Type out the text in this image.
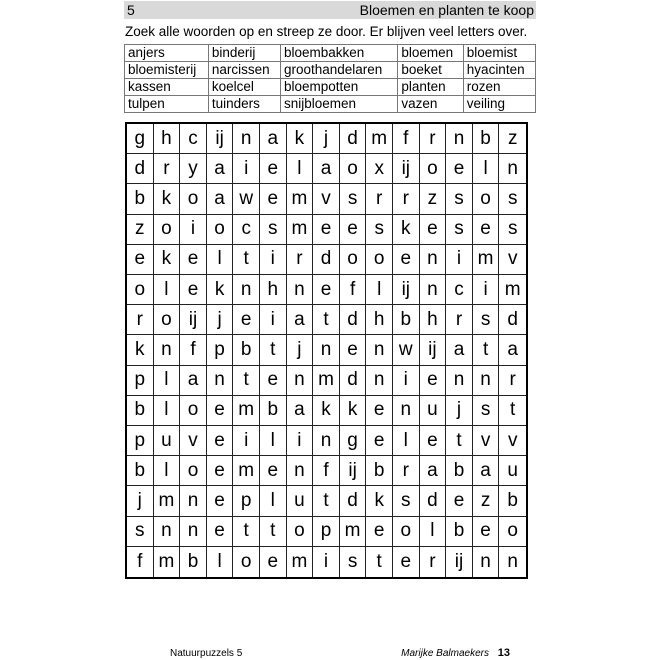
5	Bloemen en planten te koop
Zoek alle woorden op en streep ze door. Er blijven veel letters over.
anjers	binderij	bloembakken	bloemen	bloemist
bloemisterij	narcissen	groothandelaren	boeket	hyacinten
kassen	koelcel	bloempotten	planten	rozen
tulpen	tuinders	snijbloemen	vazen	veiling
g h c ij n a k	j	d m f	r n b z
d r y a	i	e	l	a o x ij o e	l	n
b k o a w e m v s r	r z s o s
z o	i	o c s m e e s k e s e s
e k e	l	t	i	r d o o e n	i m v
o	l	e k n h n e f	l	ij n c	i m
r o ij	j	e	i	a t d h b h r s d
k n f p b t	j	n e n w ij a t	a
p	l	a n t e n m d n	i	e n n r
b	l	o e m b a k k e n u	j	s	t
p u v e	i	l	i	n g e	l	e t	v v
b	l	o e m e n f	ij b r a b a u
j m n e p	l	u t d k s d e z b
s n n e t	t o p m e o	l	b e o
f m b	l	o e m i	s	t e r	ij n n
Natuurpuzzels 5	Marijke Balmaekers 13
